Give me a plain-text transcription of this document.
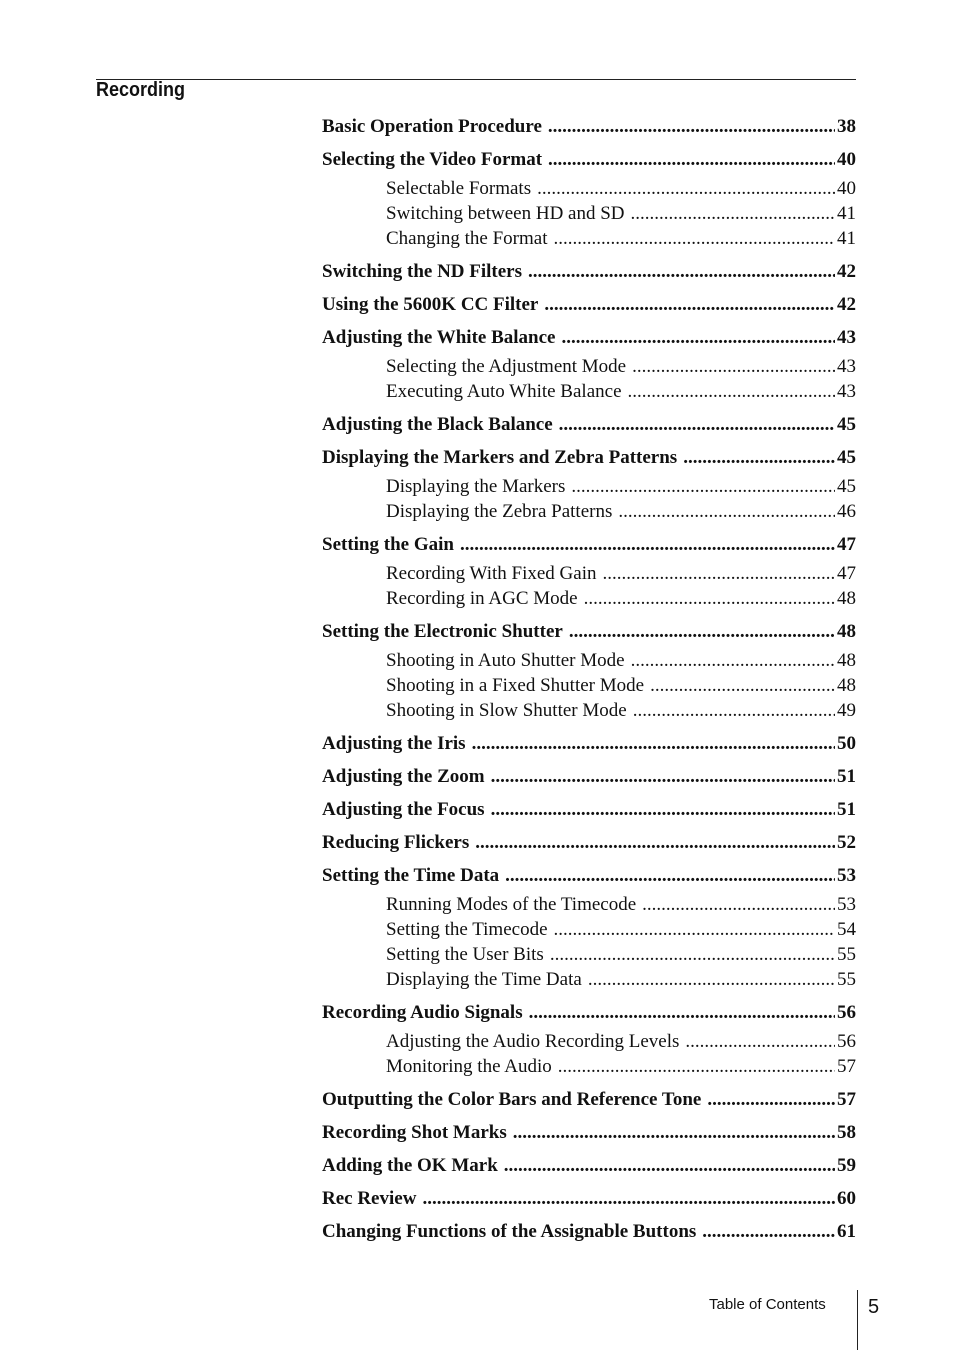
Recording
Basic Operation Procedure .....	38
Selecting the Video Format .....	40
Selectable Formats .....	40
Switching between HD and SD .....	41
Changing the Format .....	41
Switching the ND Filters .....	42
Using the 5600K CC Filter .....	42
Adjusting the White Balance .....	43
Selecting the Adjustment Mode .....	43
Executing Auto White Balance .....	43
Adjusting the Black Balance .....	45
Displaying the Markers and Zebra Patterns .....	45
Displaying the Markers .....	45
Displaying the Zebra Patterns .....	46
Setting the Gain .....	47
Recording With Fixed Gain .....	47
Recording in AGC Mode .....	48
Setting the Electronic Shutter .....	48
Shooting in Auto Shutter Mode .....	48
Shooting in a Fixed Shutter Mode .....	48
Shooting in Slow Shutter Mode .....	49
Adjusting the Iris .....	50
Adjusting the Zoom .....	51
Adjusting the Focus .....	51
Reducing Flickers .....	52
Setting the Time Data .....	53
Running Modes of the Timecode .....	53
Setting the Timecode .....	54
Setting the User Bits .....	55
Displaying the Time Data .....	55
Recording Audio Signals .....	56
Adjusting the Audio Recording Levels .....	56
Monitoring the Audio .....	57
Outputting the Color Bars and Reference Tone .....	57
Recording Shot Marks .....	58
Adding the OK Mark .....	59
Rec Review .....	60
Changing Functions of the Assignable Buttons .....	61
Table of Contents 5
